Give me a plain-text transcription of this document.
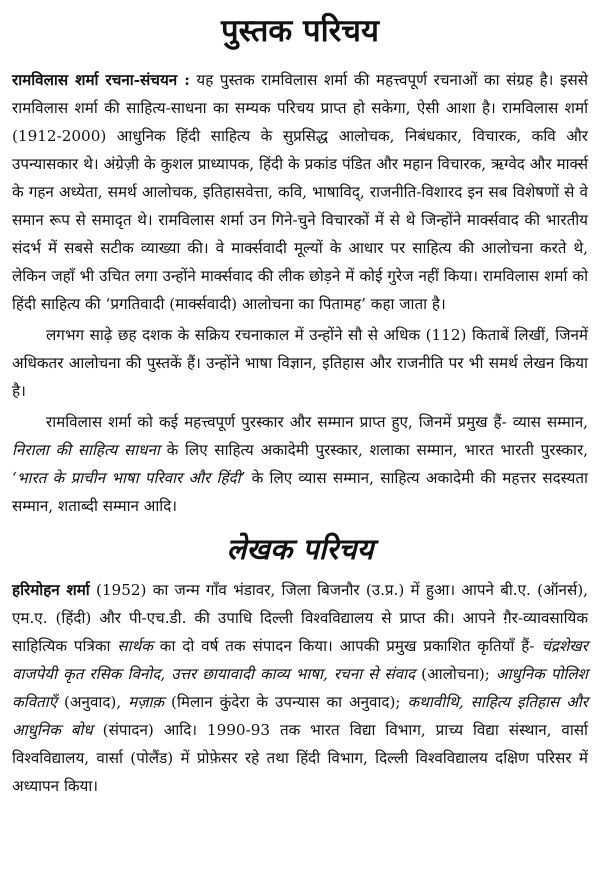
पुस्तक परिचय

रामविलास शर्मा रचना-संचयन : यह पुस्तक रामविलास शर्मा की महत्त्वपूर्ण रचनाओं का संग्रह है। इससे रामविलास शर्मा की साहित्य-साधना का सम्यक परिचय प्राप्त हो सकेगा, ऐसी आशा है। रामविलास शर्मा (1912-2000) आधुनिक हिंदी साहित्य के सुप्रसिद्ध आलोचक, निबंधकार, विचारक, कवि और उपन्यासकार थे। अंग्रेज़ी के कुशल प्राध्यापक, हिंदी के प्रकांड पंडित और महान विचारक, ऋग्वेद और मार्क्स के गहन अध्येता, समर्थ आलोचक, इतिहासवेत्ता, कवि, भाषाविद्, राजनीति-विशारद इन सब विशेषणों से वे समान रूप से समादृत थे। रामविलास शर्मा उन गिने-चुने विचारकों में से थे जिन्होंने मार्क्सवाद की भारतीय संदर्भ में सबसे सटीक व्याख्या की। वे मार्क्सवादी मूल्यों के आधार पर साहित्य की आलोचना करते थे, लेकिन जहाँ भी उचित लगा उन्होंने मार्क्सवाद की लीक छोड़ने में कोई गुरेज नहीं किया। रामविलास शर्मा को हिंदी साहित्य की ‘प्रगतिवादी (मार्क्सवादी) आलोचना का पितामह’ कहा जाता है।

लगभग साढ़े छह दशक के सक्रिय रचनाकाल में उन्होंने सौ से अधिक (112) किताबें लिखीं, जिनमें अधिकतर आलोचना की पुस्तकें हैं। उन्होंने भाषा विज्ञान, इतिहास और राजनीति पर भी समर्थ लेखन किया है।

रामविलास शर्मा को कई महत्त्वपूर्ण पुरस्कार और सम्मान प्राप्त हुए, जिनमें प्रमुख हैं- व्यास सम्मान, निराला की साहित्य साधना के लिए साहित्य अकादेमी पुरस्कार, शलाका सम्मान, भारत भारती पुरस्कार, ‘भारत के प्राचीन भाषा परिवार और हिंदी’ के लिए व्यास सम्मान, साहित्य अकादेमी की महत्तर सदस्यता सम्मान, शताब्दी सम्मान आदि।

लेखक परिचय

हरिमोहन शर्मा (1952) का जन्म गाँव भंडावर, जिला बिजनौर (उ.प्र.) में हुआ। आपने बी.ए. (ऑनर्स), एम.ए. (हिंदी) और पी-एच.डी. की उपाधि दिल्ली विश्वविद्यालय से प्राप्त की। आपने ग़ैर-व्यावसायिक साहित्यिक पत्रिका सार्थक का दो वर्ष तक संपादन किया। आपकी प्रमुख प्रकाशित कृतियाँ हैं- चंद्रशेखर वाजपेयी कृत रसिक विनोद, उत्तर छायावादी काव्य भाषा, रचना से संवाद (आलोचना); आधुनिक पोलिश कविताएँ (अनुवाद), मज़ाक़ (मिलान कुंदेरा के उपन्यास का अनुवाद); कथावीथि, साहित्य इतिहास और आधुनिक बोध (संपादन) आदि। 1990-93 तक भारत विद्या विभाग, प्राच्य विद्या संस्थान, वार्सा विश्वविद्यालय, वार्सा (पोलैंड) में प्रोफ़ेसर रहे तथा हिंदी विभाग, दिल्ली विश्वविद्यालय दक्षिण परिसर में अध्यापन किया।
